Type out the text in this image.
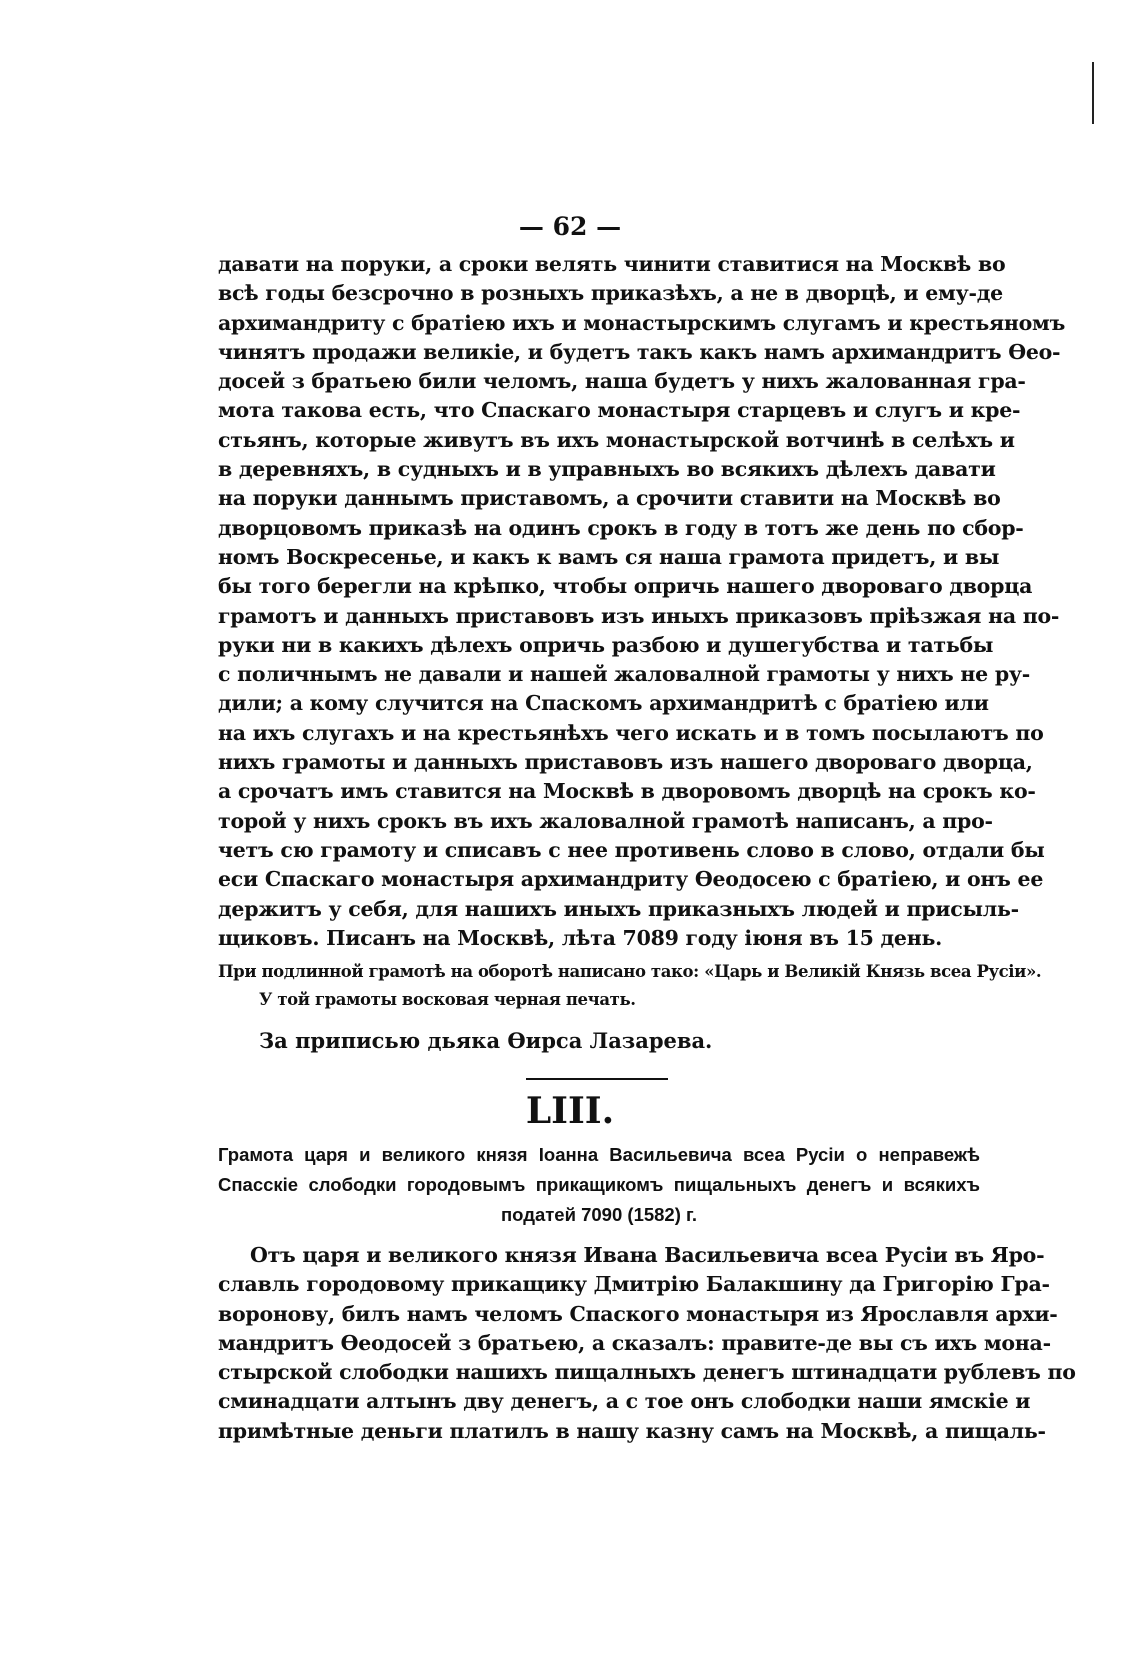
— 62 —
давати на поруки, а сроки велять чинити ставитися на Москвѣ во
всѣ годы безсрочно в розныхъ приказѣхъ, а не в дворцѣ, и ему-де
архимандриту с братiею ихъ и монастырскимъ слугамъ и крестьяномъ
чинятъ продажи великiе, и будетъ такъ какъ намъ архимандритъ Өео-
досей з братьею били челомъ, наша будетъ у нихъ жалованная гра-
мота такова есть, что Спаскаго монастыря старцевъ и слугъ и кре-
стьянъ, которые живутъ въ ихъ монастырской вотчинѣ в селѣхъ и
в деревняхъ, в судныхъ и в управныхъ во всякихъ дѣлехъ давати
на поруки даннымъ приставомъ, а срочити ставити на Москвѣ во
дворцовомъ приказѣ на одинъ срокъ в году в тотъ же день по сбор-
номъ Воскресенье, и какъ к вамъ ся наша грамота придетъ, и вы
бы того берегли на крѣпко, чтобы опричь нашего двороваго дворца
грамотъ и данныхъ приставовъ изъ иныхъ приказовъ прiѣзжая на по-
руки ни в какихъ дѣлехъ опричь разбою и душегубства и татьбы
с поличнымъ не давали и нашей жаловалной грамоты у нихъ не ру-
дили; а кому случится на Спаскомъ архимандритѣ с братiею или
на ихъ слугахъ и на крестьянѣхъ чего искать и в томъ посылаютъ по
нихъ грамоты и данныхъ приставовъ изъ нашего двороваго дворца,
а срочатъ имъ ставится на Москвѣ в дворовомъ дворцѣ на срокъ ко-
торой у нихъ срокъ въ ихъ жаловалной грамотѣ написанъ, а про-
четъ сю грамоту и списавъ с нее противень слово в слово, отдали бы
еси Спаскаго монастыря архимандриту Өеодосею с братiею, и онъ ее
держитъ у себя, для нашихъ иныхъ приказныхъ людей и присыль-
щиковъ. Писанъ на Москвѣ, лѣта 7089 году iюня въ 15 день.
При подлинной грамотѣ на оборотѣ написано тако: «Царь и Великiй Князь всеа Русiи».
У той грамоты восковая черная печать.
За приписью дьяка Өирса Лазарева.
LIII.
Грамота царя и великого князя Iоанна Васильевича всеа Русiи о неправежѣ
Спасскiе слободки городовымъ прикащикомъ пищальныхъ денегъ и всякихъ
податей 7090 (1582) г.
Отъ царя и великого князя Ивана Васильевича всеа Русiи въ Яро-
славль городовому прикащику Дмитрiю Балакшину да Григорiю Гра-
воронову, билъ намъ челомъ Спаского монастыря из Ярославля архи-
мандритъ Өеодосей з братьею, а сказалъ: правите-де вы съ ихъ мона-
стырской слободки нашихъ пищалныхъ денегъ штинадцати рублевъ по
сминадцати алтынъ дву денегъ, а с тое онъ слободки наши ямскiе и
примѣтные деньги платилъ в нашу казну самъ на Москвѣ, а пищаль-
